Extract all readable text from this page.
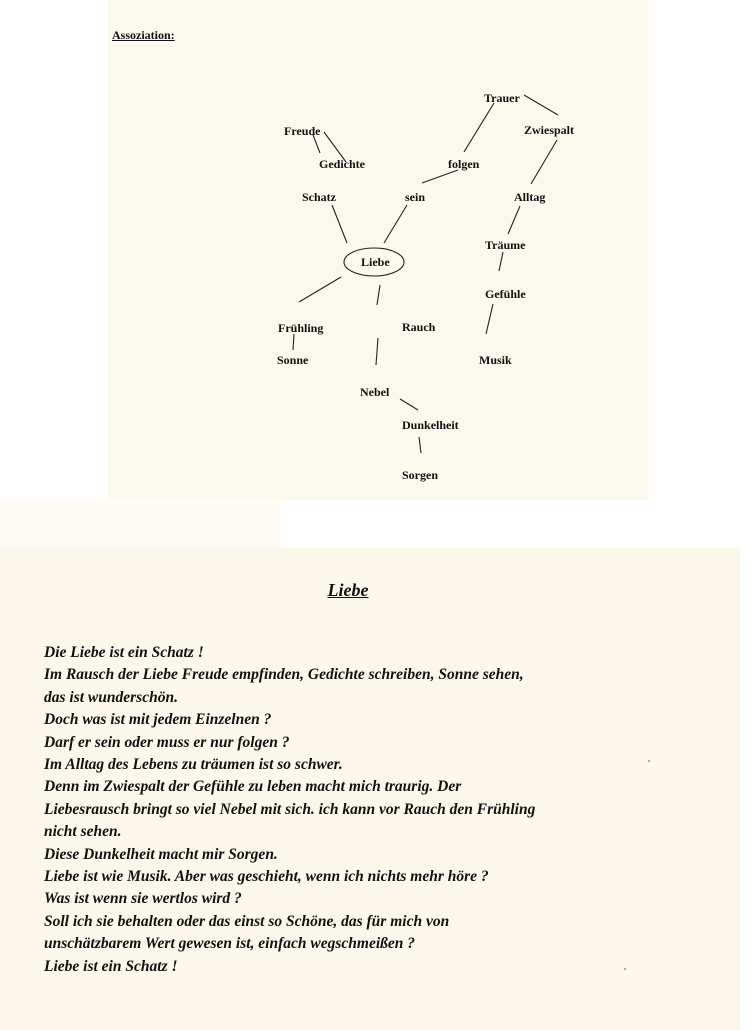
Assoziation:
Liebe
Trauer
Zwiespalt
Freude
Gedichte	folgen
Schatz	sein	Alltag
Träume
Gefühle
Frühling	Rauch
Sonne	Musik
Nebel
Dunkelheit
Sorgen
Liebe
Die Liebe ist ein Schatz !
Im Rausch der Liebe Freude empfinden, Gedichte schreiben, Sonne sehen,
das ist wunderschön.
Doch was ist mit jedem Einzelnen ?
Darf er sein oder muss er nur folgen ?
Im Alltag des Lebens zu träumen ist so schwer.
Denn im Zwiespalt der Gefühle zu leben macht mich traurig. Der
Liebesrausch bringt so viel Nebel mit sich. ich kann vor Rauch den Frühling
nicht sehen.
Diese Dunkelheit macht mir Sorgen.
Liebe ist wie Musik. Aber was geschieht, wenn ich nichts mehr höre ?
Was ist wenn sie wertlos wird ?
Soll ich sie behalten oder das einst so Schöne, das für mich von
unschätzbarem Wert gewesen ist, einfach wegschmeißen ?
Liebe ist ein Schatz !
